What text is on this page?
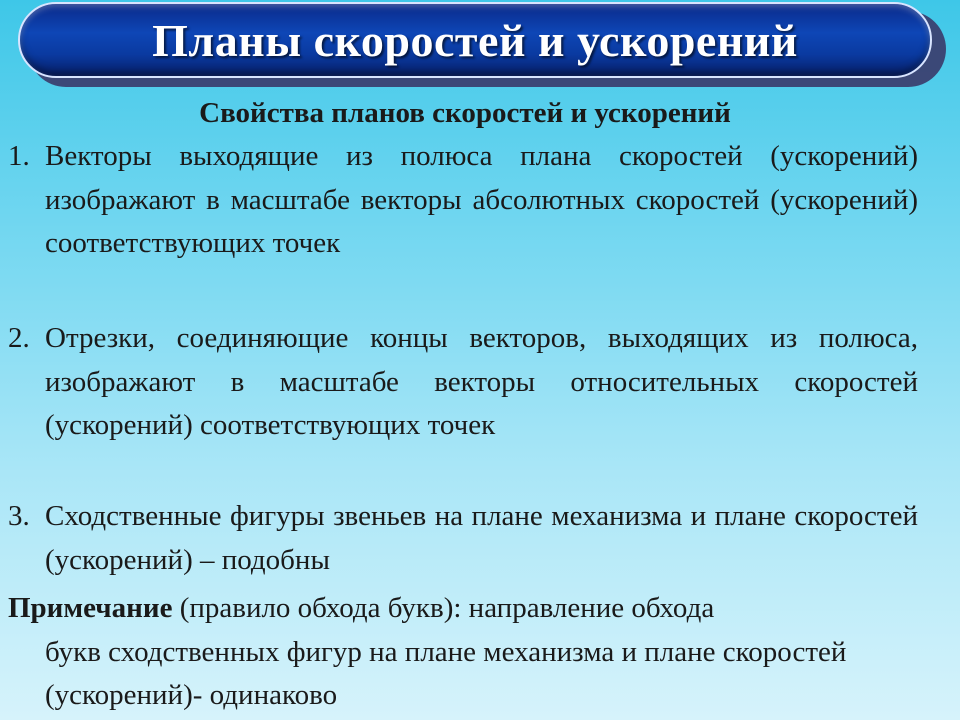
Планы скоростей и ускорений
Свойства планов скоростей и ускорений
1. Векторы выходящие из полюса плана скоростей (ускорений) изображают в масштабе векторы абсолютных скоростей (ускорений) соответствующих точек
2. Отрезки, соединяющие концы векторов, выходящих из полюса, изображают в масштабе векторы относительных скоростей (ускорений) соответствующих точек
3. Сходственные фигуры звеньев на плане механизма и плане скоростей (ускорений) – подобны
Примечание (правило обхода букв): направление обхода
букв сходственных фигур на плане механизма и плане скоростей (ускорений)- одинаково
